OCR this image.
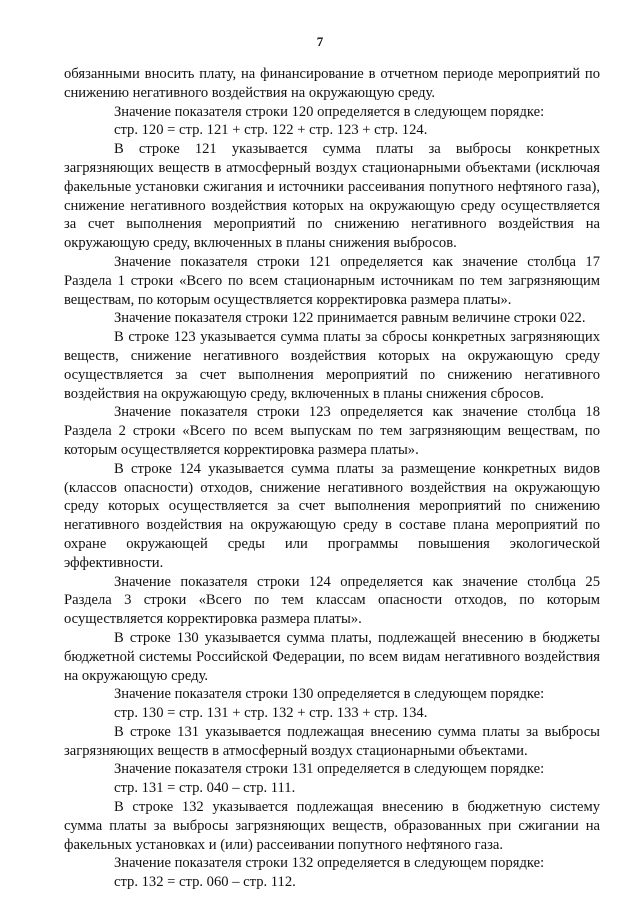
7

обязанными вносить плату, на финансирование в отчетном периоде мероприятий по снижению негативного воздействия на окружающую среду.

Значение показателя строки 120 определяется в следующем порядке:

стр. 120 = стр. 121 + стр. 122 + стр. 123 + стр. 124.

В строке 121 указывается сумма платы за выбросы конкретных загрязняющих веществ в атмосферный воздух стационарными объектами (исключая факельные установки сжигания и источники рассеивания попутного нефтяного газа), снижение негативного воздействия которых на окружающую среду осуществляется за счет выполнения мероприятий по снижению негативного воздействия на окружающую среду, включенных в планы снижения выбросов.

Значение показателя строки 121 определяется как значение столбца 17 Раздела 1 строки «Всего по всем стационарным источникам по тем загрязняющим веществам, по которым осуществляется корректировка размера платы».

Значение показателя строки 122 принимается равным величине строки 022.

В строке 123 указывается сумма платы за сбросы конкретных загрязняющих веществ, снижение негативного воздействия которых на окружающую среду осуществляется за счет выполнения мероприятий по снижению негативного воздействия на окружающую среду, включенных в планы снижения сбросов.

Значение показателя строки 123 определяется как значение столбца 18 Раздела 2 строки «Всего по всем выпускам по тем загрязняющим веществам, по которым осуществляется корректировка размера платы».

В строке 124 указывается сумма платы за размещение конкретных видов (классов опасности) отходов, снижение негативного воздействия на окружающую среду которых осуществляется за счет выполнения мероприятий по снижению негативного воздействия на окружающую среду в составе плана мероприятий по охране окружающей среды или программы повышения экологической эффективности.

Значение показателя строки 124 определяется как значение столбца 25 Раздела 3 строки «Всего по тем классам опасности отходов, по которым осуществляется корректировка размера платы».

В строке 130 указывается сумма платы, подлежащей внесению в бюджеты бюджетной системы Российской Федерации, по всем видам негативного воздействия на окружающую среду.

Значение показателя строки 130 определяется в следующем порядке:

стр. 130 = стр. 131 + стр. 132 + стр. 133 + стр. 134.

В строке 131 указывается подлежащая внесению сумма платы за выбросы загрязняющих веществ в атмосферный воздух стационарными объектами.

Значение показателя строки 131 определяется в следующем порядке:

стр. 131 = стр. 040 – стр. 111.

В строке 132 указывается подлежащая внесению в бюджетную систему сумма платы за выбросы загрязняющих веществ, образованных при сжигании на факельных установках и (или) рассеивании попутного нефтяного газа.

Значение показателя строки 132 определяется в следующем порядке:

стр. 132 = стр. 060 – стр. 112.
